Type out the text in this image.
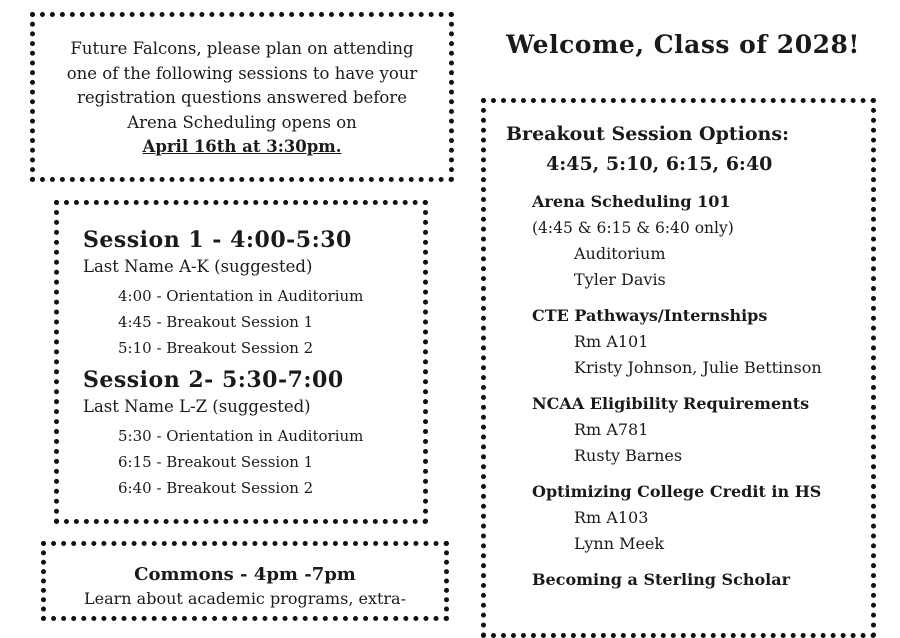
Future Falcons, please plan on attending
one of the following sessions to have your
registration questions answered before
Arena Scheduling opens on
April 16th at 3:30pm.

Session 1 - 4:00-5:30

Last Name A-K (suggested)

4:00 - Orientation in Auditorium
4:45 - Breakout Session 1
5:10 - Breakout Session 2

Session 2- 5:30-7:00

Last Name L-Z (suggested)

5:30 - Orientation in Auditorium
6:15 - Breakout Session 1
6:40 - Breakout Session 2
Commons - 4pm -7pm
Learn about academic programs, extra-
Welcome, Class of 2028!
Breakout Session Options:
4:45, 5:10, 6:15, 6:40
Arena Scheduling 101
(4:45 & 6:15 & 6:40 only)
Auditorium
Tyler Davis
CTE Pathways/Internships
Rm A101
Kristy Johnson, Julie Bettinson
NCAA Eligibility Requirements
Rm A781
Rusty Barnes
Optimizing College Credit in HS
Rm A103
Lynn Meek
Becoming a Sterling Scholar
